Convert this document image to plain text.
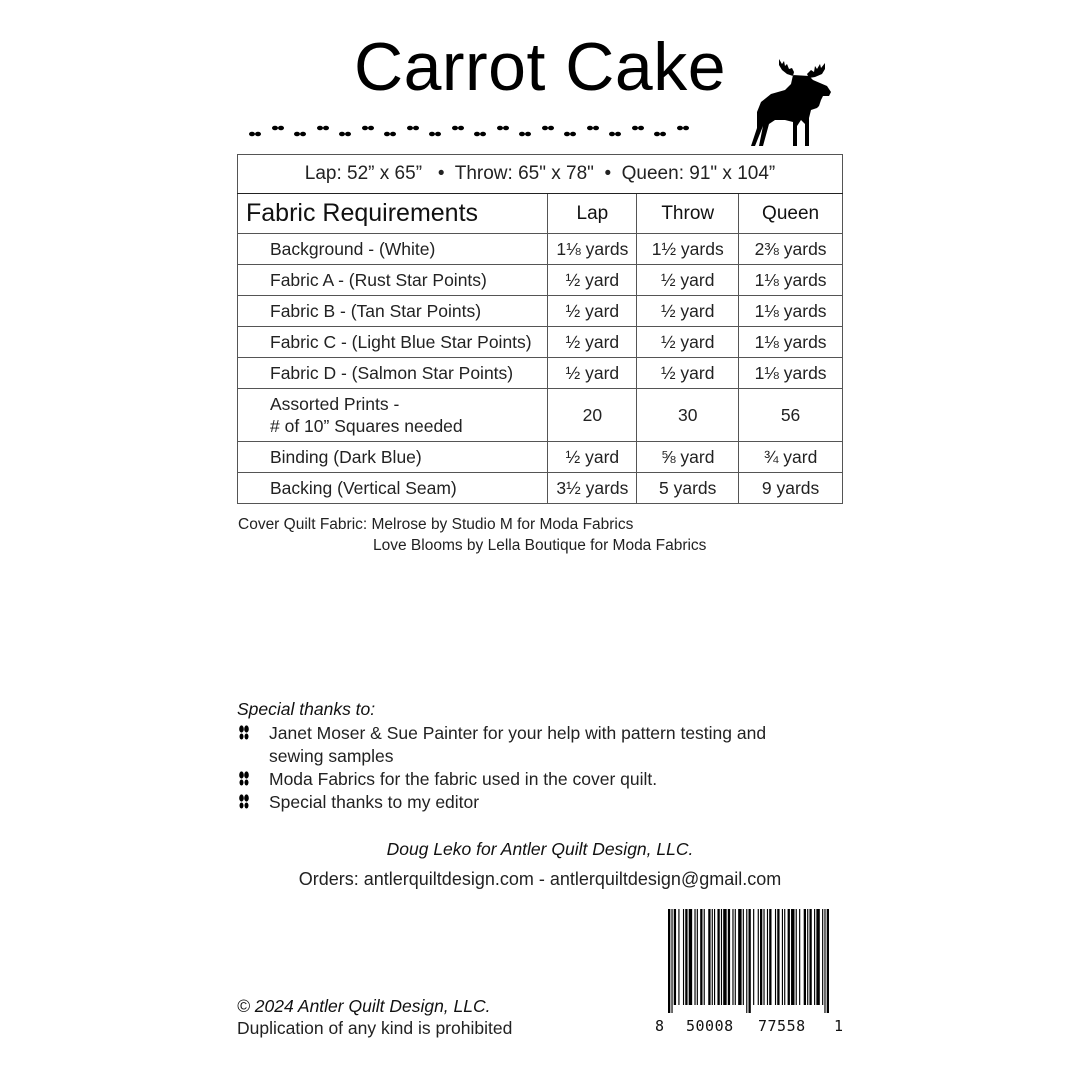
Carrot Cake
Lap: 52” x 65”   •  Throw: 65" x 78"  •  Queen: 91" x 104”			
Fabric Requirements	Lap	Throw	Queen
Background - (White)	1⅛ yards	1½ yards	2⅜ yards
Fabric A - (Rust Star Points)	½ yard	½ yard	1⅛ yards
Fabric B - (Tan Star Points)	½ yard	½ yard	1⅛ yards
Fabric C - (Light Blue Star Points)	½ yard	½ yard	1⅛ yards
Fabric D - (Salmon Star Points)	½ yard	½ yard	1⅛ yards
Assorted Prints -
# of 10” Squares needed	20	30	56
Binding (Dark Blue)	½ yard	⅝ yard	¾ yard
Backing (Vertical Seam)	3½ yards	5 yards	9 yards
Cover Quilt Fabric: Melrose by Studio M for Moda Fabrics
Love Blooms by Lella Boutique for Moda Fabrics
Special thanks to:
Janet Moser & Sue Painter for your help with pattern testing and sewing samples
Moda Fabrics for the fabric used in the cover quilt.
Special thanks to my editor
Doug Leko for Antler Quilt Design, LLC.
Orders: antlerquiltdesign.com - antlerquiltdesign@gmail.com
© 2024 Antler Quilt Design, LLC.
Duplication of any kind is prohibited	8 50008 77558 1
